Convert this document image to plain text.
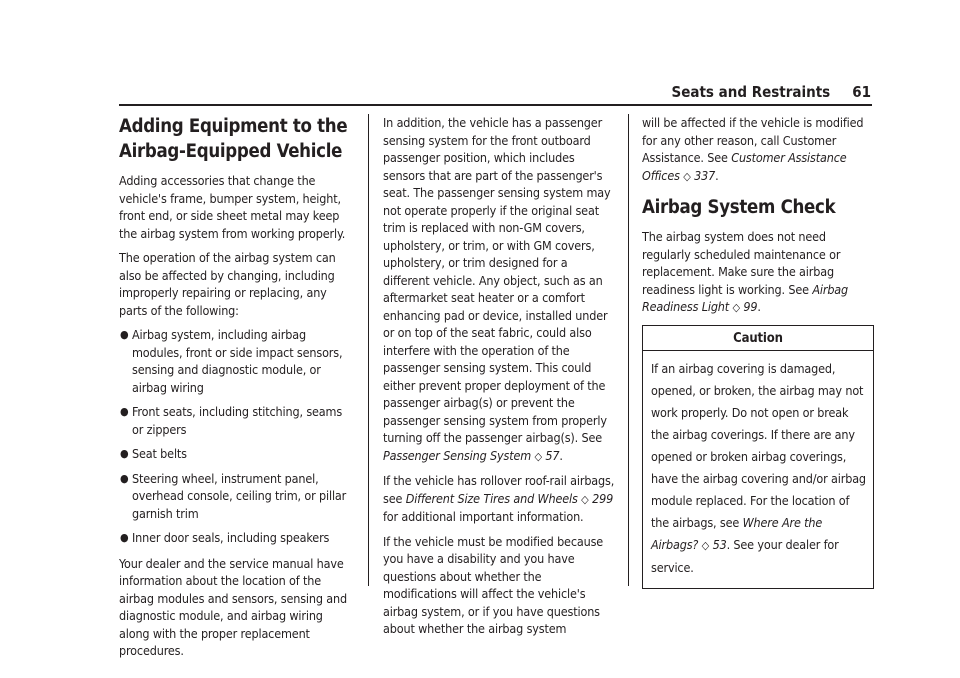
Seats and Restraints 61
Adding Equipment to the Airbag-Equipped Vehicle

Adding accessories that change the vehicle's frame, bumper system, height, front end, or side sheet metal may keep the airbag system from working properly.

The operation of the airbag system can also be affected by changing, including improperly repairing or replacing, any parts of the following:

● Airbag system, including airbag modules, front or side impact sensors, sensing and diagnostic module, or airbag wiring
● Front seats, including stitching, seams or zippers
● Seat belts
● Steering wheel, instrument panel, overhead console, ceiling trim, or pillar garnish trim
● Inner door seals, including speakers

Your dealer and the service manual have information about the location of the airbag modules and sensors, sensing and diagnostic module, and airbag wiring along with the proper replacement procedures.

In addition, the vehicle has a passenger sensing system for the front outboard passenger position, which includes sensors that are part of the passenger's seat. The passenger sensing system may not operate properly if the original seat trim is replaced with non-GM covers, upholstery, or trim, or with GM covers, upholstery, or trim designed for a different vehicle. Any object, such as an aftermarket seat heater or a comfort enhancing pad or device, installed under or on top of the seat fabric, could also interfere with the operation of the passenger sensing system. This could either prevent proper deployment of the passenger airbag(s) or prevent the passenger sensing system from properly turning off the passenger airbag(s). See Passenger Sensing System ◇ 57.

If the vehicle has rollover roof-rail airbags, see Different Size Tires and Wheels ◇ 299 for additional important information.

If the vehicle must be modified because you have a disability and you have questions about whether the modifications will affect the vehicle's airbag system, or if you have questions about whether the airbag system

will be affected if the vehicle is modified for any other reason, call Customer Assistance. See Customer Assistance Offices ◇ 337.

Airbag System Check

The airbag system does not need regularly scheduled maintenance or replacement. Make sure the airbag readiness light is working. See Airbag Readiness Light ◇ 99.

Caution
If an airbag covering is damaged, opened, or broken, the airbag may not work properly. Do not open or break the airbag coverings. If there are any opened or broken airbag coverings, have the airbag covering and/or airbag module replaced. For the location of the airbags, see Where Are the Airbags? ◇ 53. See your dealer for service.
